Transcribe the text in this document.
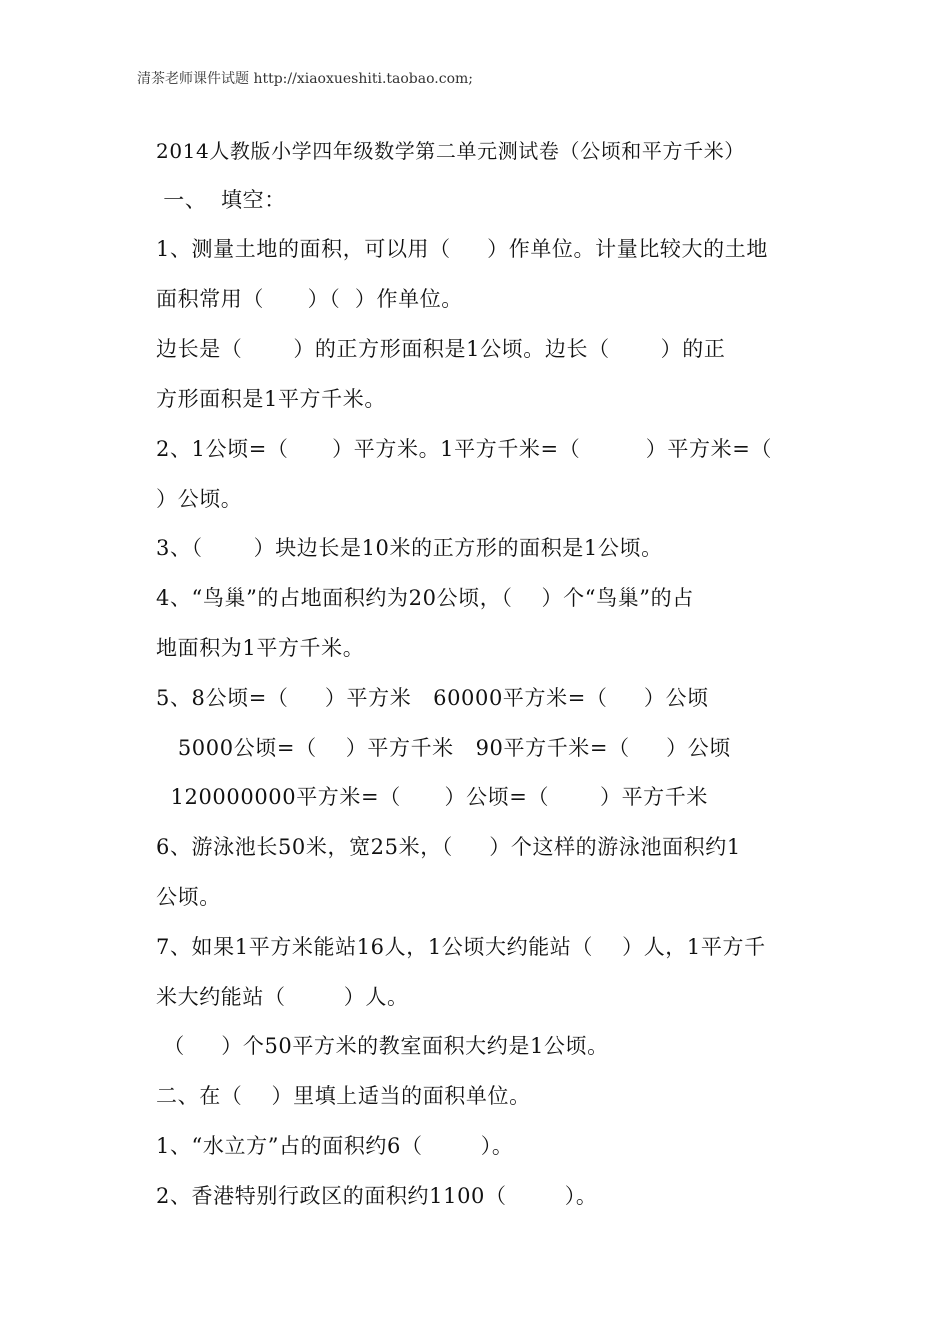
清茶老师课件试题 http://xiaoxueshiti.taobao.com;
2014人教版小学四年级数学第二单元测试卷（公顷和平方千米）
一、  填空：
1、测量土地的面积，可以用（     ）作单位。计量比较大的土地
面积常用（      ）（  ）作单位。
边长是（       ）的正方形面积是1公顷。边长（       ）的正
方形面积是1平方千米。
2、1公顷=（      ）平方米。1平方千米=（         ）平方米=（
）公顷。
3、（       ）块边长是10米的正方形的面积是1公顷。
4、“鸟巢”的占地面积约为20公顷，（    ）个“鸟巢”的占
地面积为1平方千米。
5、8公顷=（     ）平方米   60000平方米=（     ）公顷
5000公顷=（    ）平方千米   90平方千米=（     ）公顷
120000000平方米=（      ）公顷=（       ）平方千米
6、游泳池长50米，宽25米，（     ）个这样的游泳池面积约1
公顷。
7、如果1平方米能站16人，1公顷大约能站（    ）人，1平方千
米大约能站（        ）人。
（     ）个50平方米的教室面积大约是1公顷。
二、在（    ）里填上适当的面积单位。
1、“水立方”占的面积约6（        ）。
2、香港特别行政区的面积约1100（        ）。
